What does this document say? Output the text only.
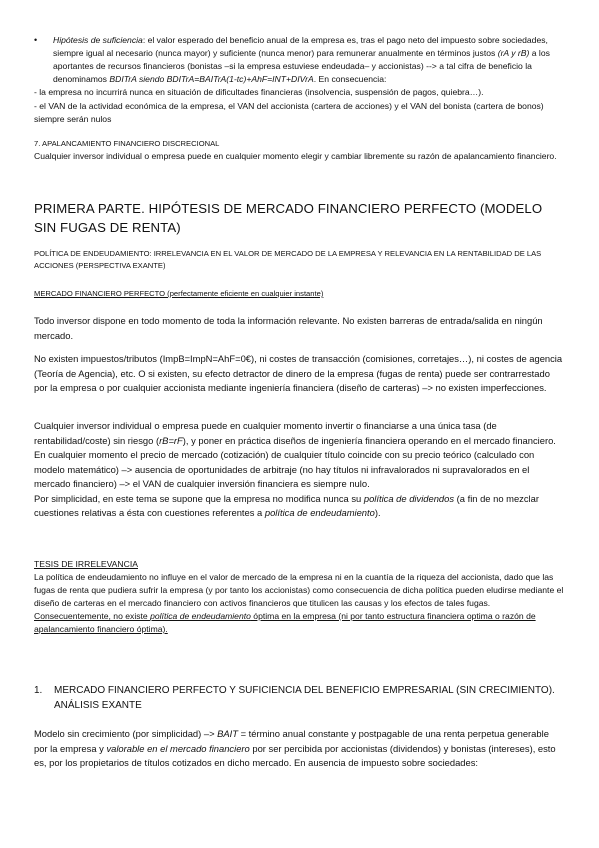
•	Hipótesis de suficiencia: el valor esperado del beneficio anual de la empresa es, tras el pago neto del impuesto sobre sociedades, siempre igual al necesario (nunca mayor) y suficiente (nunca menor) para remunerar anualmente en términos justos (rA y rB) a los aportantes de recursos financieros (bonistas –si la empresa estuviese endeudada– y accionistas) --> a tal cifra de beneficio la denominamos BDITrA siendo BDITrA=BAITrA(1-tc)+AhF=INT+DIVrA. En consecuencia:

- la empresa no incurrirá nunca en situación de dificultades financieras (insolvencia, suspensión de pagos, quiebra…).

- el VAN de la actividad económica de la empresa, el VAN del accionista (cartera de acciones) y el VAN del bonista (cartera de bonos) siempre serán nulos

7. APALANCAMIENTO FINANCIERO DISCRECIONAL

Cualquier inversor individual o empresa puede en cualquier momento elegir y cambiar libremente su razón de apalancamiento financiero.

PRIMERA PARTE. HIPÓTESIS DE MERCADO FINANCIERO PERFECTO (MODELO SIN FUGAS DE RENTA)

POLÍTICA DE ENDEUDAMIENTO: IRRELEVANCIA EN EL VALOR DE MERCADO DE LA EMPRESA Y RELEVANCIA EN LA RENTABILIDAD DE LAS ACCIONES (PERSPECTIVA EXANTE)

MERCADO FINANCIERO PERFECTO (perfectamente eficiente en cualquier instante)

Todo inversor dispone en todo momento de toda la información relevante. No existen barreras de entrada/salida en ningún mercado.

No existen impuestos/tributos (ImpB=ImpN=AhF=0€), ni costes de transacción (comisiones, corretajes…), ni costes de agencia (Teoría de Agencia), etc. O si existen, su efecto detractor de dinero de la empresa (fugas de renta) puede ser contrarrestado por la empresa o por cualquier accionista mediante ingeniería financiera (diseño de carteras) –> no existen imperfecciones.

Cualquier inversor individual o empresa puede en cualquier momento invertir o financiarse a una única tasa (de rentabilidad/coste) sin riesgo (rB=rF), y poner en práctica diseños de ingeniería financiera operando en el mercado financiero.
En cualquier momento el precio de mercado (cotización) de cualquier título coincide con su precio teórico (calculado con modelo matemático) –> ausencia de oportunidades de arbitraje (no hay títulos ni infravalorados ni supravalorados en el mercado financiero) –> el VAN de cualquier inversión financiera es siempre nulo.
Por simplicidad, en este tema se supone que la empresa no modifica nunca su política de dividendos (a fin de no mezclar cuestiones relativas a ésta con cuestiones referentes a política de endeudamiento).

TESIS DE IRRELEVANCIA

La política de endeudamiento no influye en el valor de mercado de la empresa ni en la cuantía de la riqueza del accionista, dado que las fugas de renta que pudiera sufrir la empresa (y por tanto los accionistas) como consecuencia de dicha política pueden eludirse mediante el diseño de carteras en el mercado financiero con activos financieros que titulicen las causas y los efectos de tales fugas. Consecuentemente, no existe política de endeudamiento óptima en la empresa (ni por tanto estructura financiera optima o razón de apalancamiento financiero óptima).

1.	MERCADO FINANCIERO PERFECTO Y SUFICIENCIA DEL BENEFICIO EMPRESARIAL (SIN CRECIMIENTO). ANÁLISIS EXANTE

Modelo sin crecimiento (por simplicidad) –> BAIT = término anual constante y postpagable de una renta perpetua generable por la empresa y valorable en el mercado financiero por ser percibida por accionistas (dividendos) y bonistas (intereses), esto es, por los propietarios de títulos cotizados en dicho mercado. En ausencia de impuesto sobre sociedades:
